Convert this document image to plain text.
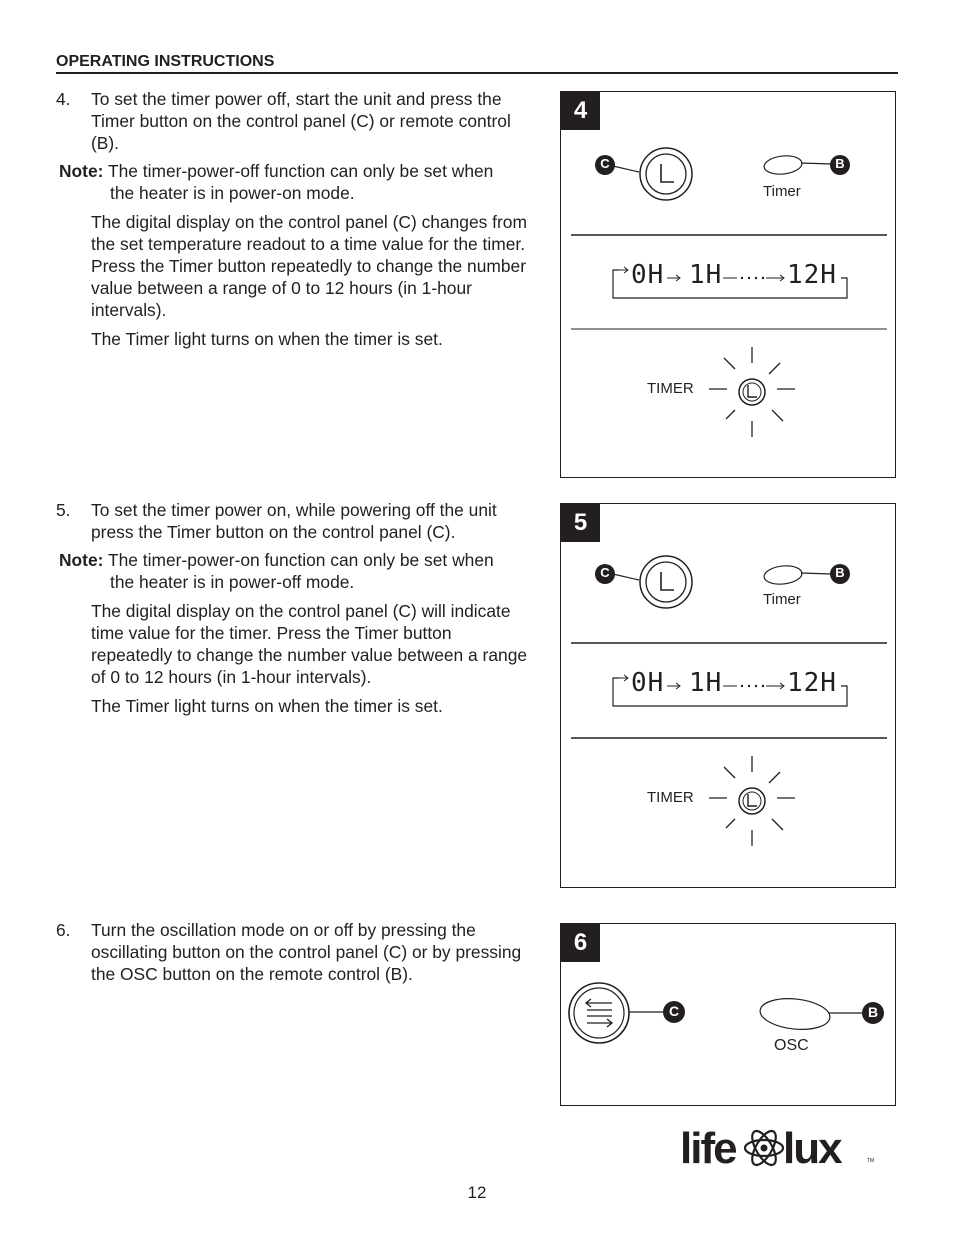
OPERATING INSTRUCTIONS
4.	To set the timer power off, start the unit and press the Timer button on the control panel (C) or remote control (B).
Note: The timer-power-off function can only be set when
the heater is in power-on mode.
The digital display on the control panel (C) changes from the set temperature readout to a time value for the timer. Press the Timer button repeatedly to change the number value between a range of 0 to 12 hours (in 1-hour intervals).
The Timer light turns on when the timer is set.
5.	To set the timer power on, while powering off the unit press the Timer button on the control panel (C).
Note: The timer-power-on function can only be set when
the heater is in power-off mode.
The digital display on the control panel (C) will indicate time value for the timer. Press the Timer button repeatedly to change the number value between a range of 0 to 12 hours (in 1-hour intervals).
The Timer light turns on when the timer is set.
6.	Turn the oscillation mode on or off by pressing the oscillating button on the control panel (C) or by pressing the OSC button on the remote control (B).
4
C	B
Timer
TIMER
0H 1H 12H
5
C	B
Timer
TIMER
0H 1H 12H
6
C	B
OSC
life lux	TM
12
